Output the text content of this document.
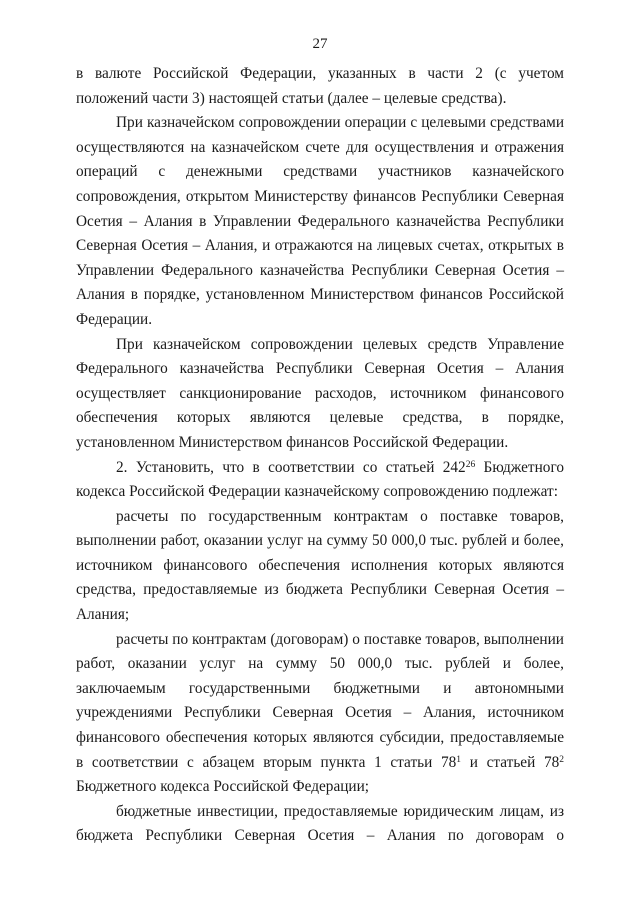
27

в валюте Российской Федерации, указанных в части 2 (с учетом положений части 3) настоящей статьи (далее – целевые средства).

При казначейском сопровождении операции с целевыми средствами осуществляются на казначейском счете для осуществления и отражения операций с денежными средствами участников казначейского сопровождения, открытом Министерству финансов Республики Северная Осетия – Алания в Управлении Федерального казначейства Республики Северная Осетия – Алания, и отражаются на лицевых счетах, открытых в Управлении Федерального казначейства Республики Северная Осетия – Алания в порядке, установленном Министерством финансов Российской Федерации.

При казначейском сопровождении целевых средств Управление Федерального казначейства Республики Северная Осетия – Алания осуществляет санкционирование расходов, источником финансового обеспечения которых являются целевые средства, в порядке, установленном Министерством финансов Российской Федерации.

2. Установить, что в соответствии со статьей $242^{26}$ Бюджетного кодекса Российской Федерации казначейскому сопровождению подлежат:

расчеты по государственным контрактам о поставке товаров, выполнении работ, оказании услуг на сумму 50 000,0 тыс. рублей и более, источником финансового обеспечения исполнения которых являются средства, предоставляемые из бюджета Республики Северная Осетия – Алания;

расчеты по контрактам (договорам) о поставке товаров, выполнении работ, оказании услуг на сумму 50 000,0 тыс. рублей и более, заключаемым государственными бюджетными и автономными учреждениями Республики Северная Осетия – Алания, источником финансового обеспечения которых являются субсидии, предоставляемые в соответствии с абзацем вторым пункта 1 статьи $78^1$ и статьей $78^2$ Бюджетного кодекса Российской Федерации;

бюджетные инвестиции, предоставляемые юридическим лицам, из бюджета Республики Северная Осетия – Алания по договорам о
